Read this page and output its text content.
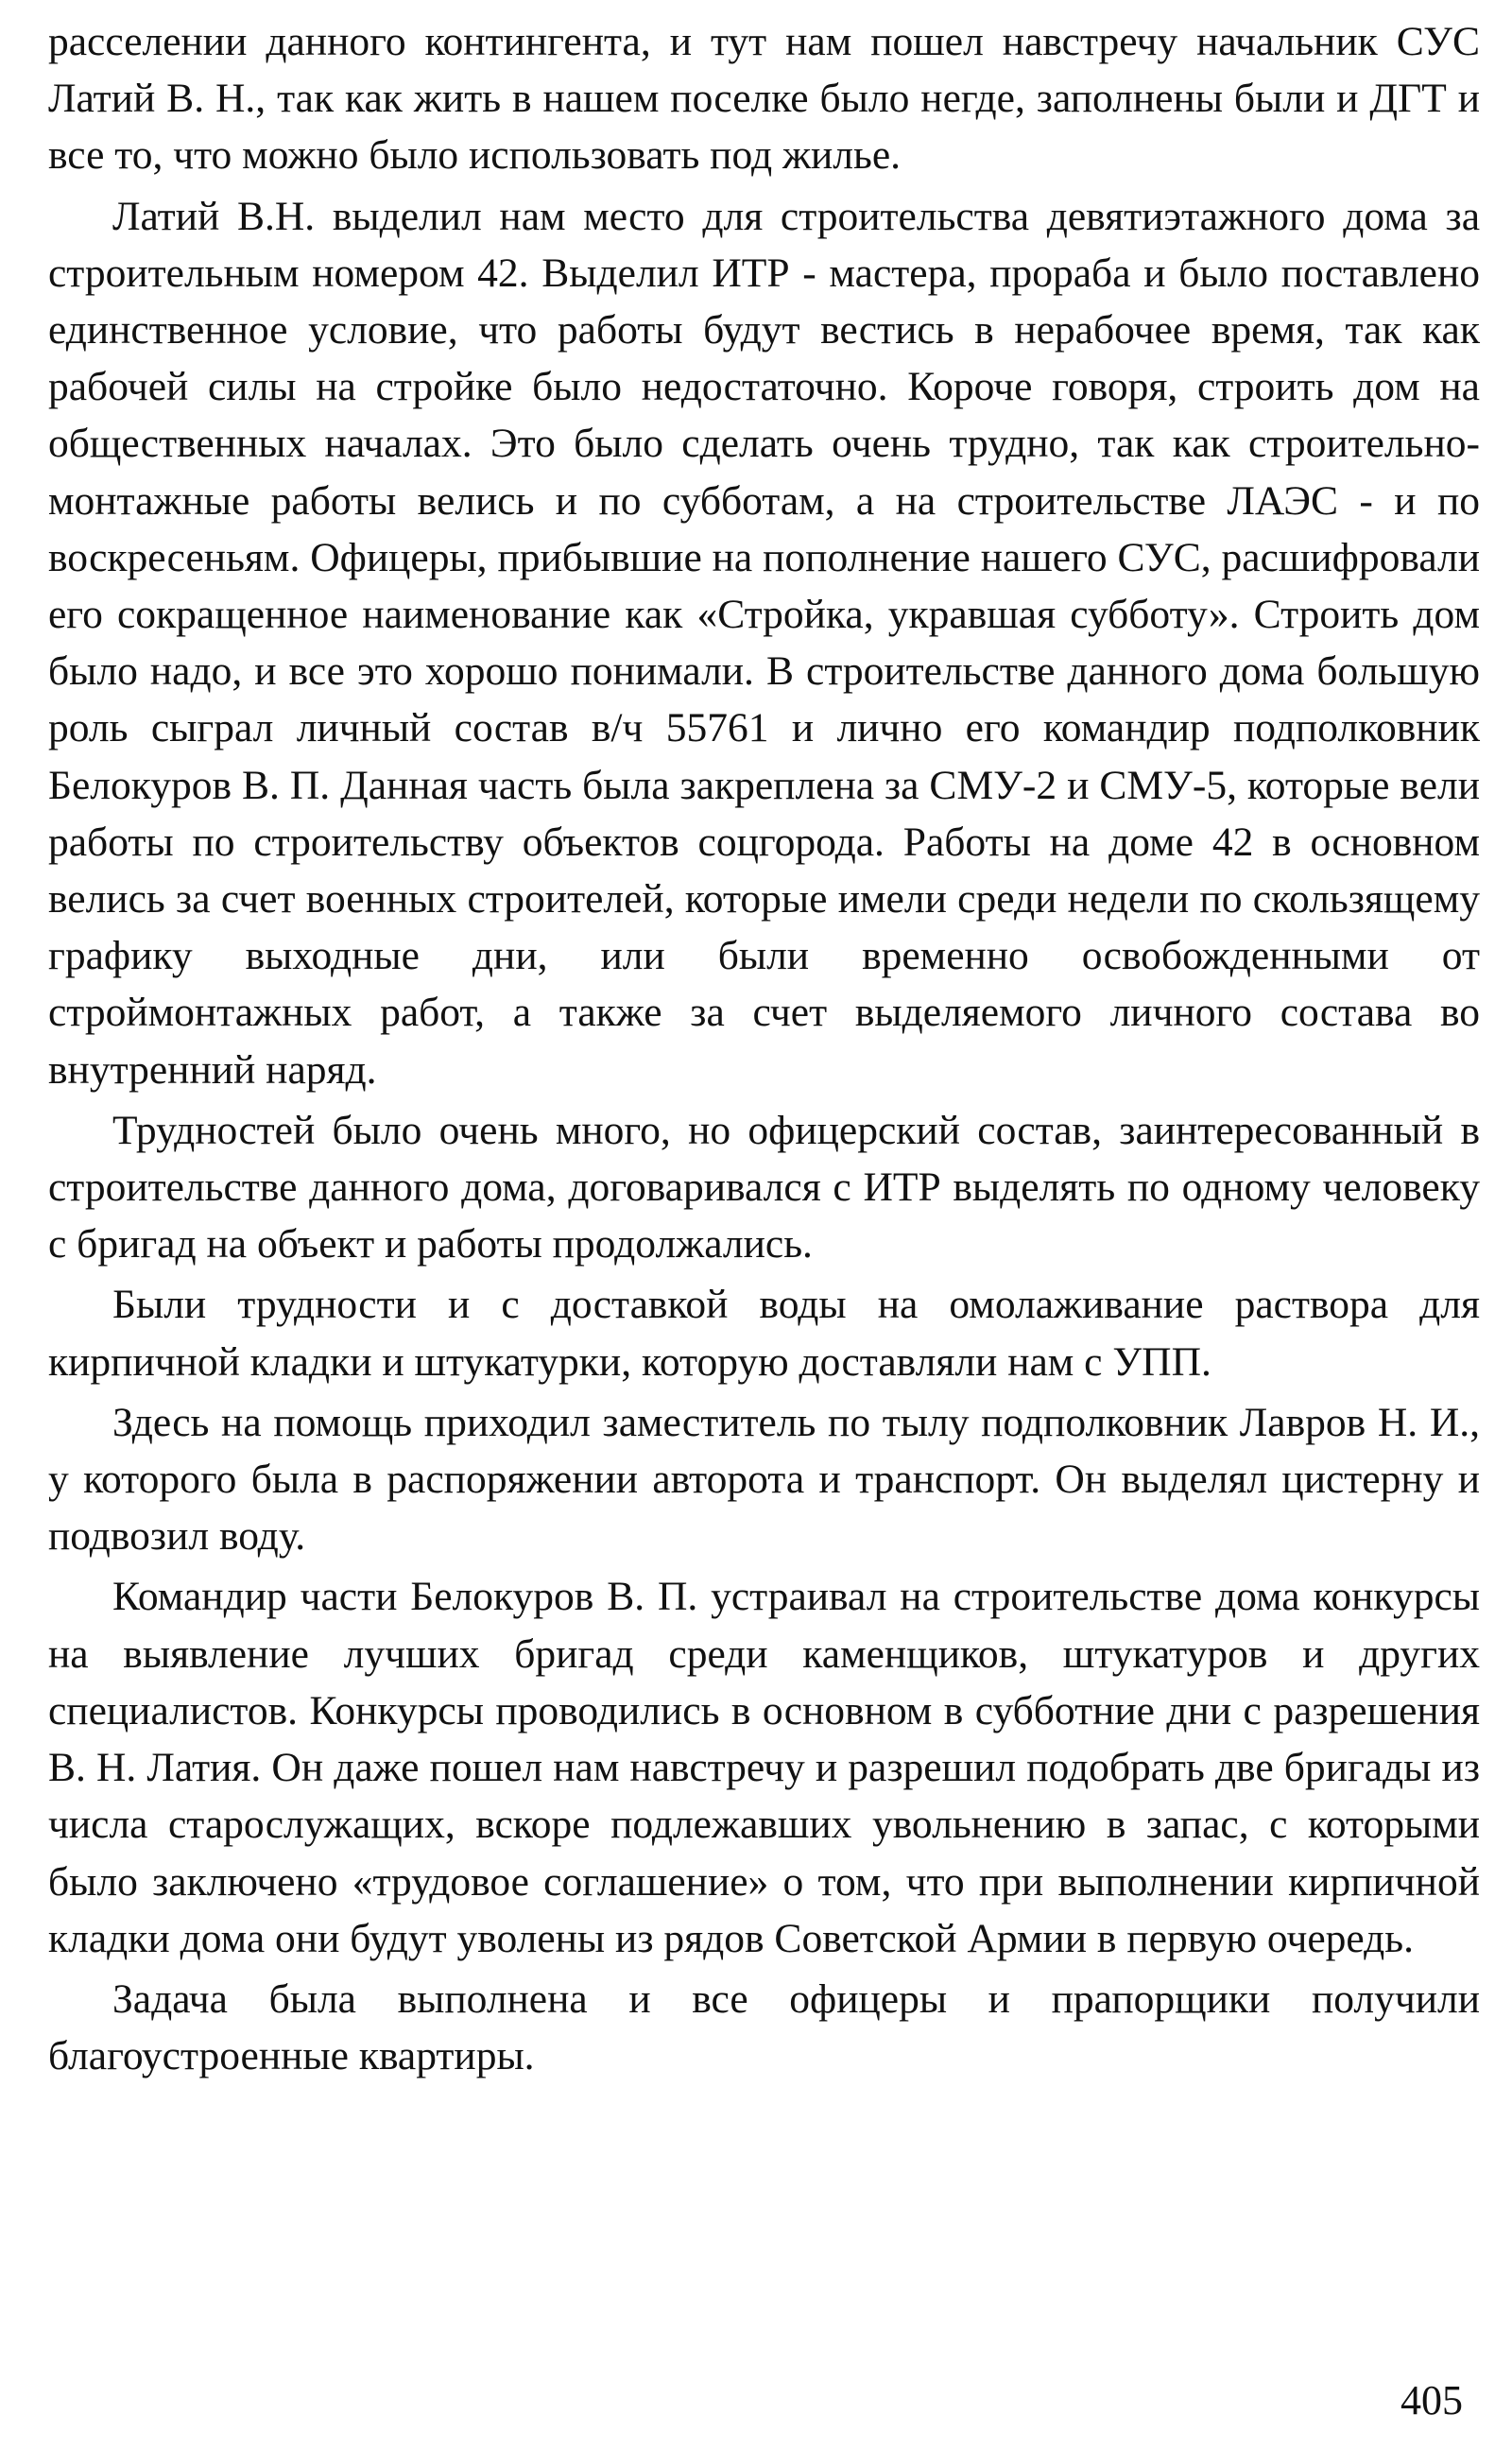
расселении данного контингента, и тут нам пошел навстречу начальник СУС Латий В. Н., так как жить в нашем поселке было негде, заполнены были и ДГТ и все то, что можно было использовать под жилье.

Латий В.Н. выделил нам место для строительства девятиэтажного дома за строительным номером 42. Выделил ИТР - мастера, прораба и было поставлено единственное условие, что работы будут вестись в нерабочее время, так как рабочей силы на стройке было недостаточно. Короче говоря, строить дом на общественных началах. Это было сделать очень трудно, так как строительно-монтажные работы велись и по субботам, а на строительстве ЛАЭС - и по воскресеньям. Офицеры, прибывшие на пополнение нашего СУС, расшифровали его сокращенное наименование как «Стройка, укравшая субботу». Строить дом было надо, и все это хорошо понимали. В строительстве данного дома большую роль сыграл личный состав в/ч 55761 и лично его командир подполковник Белокуров В. П. Данная часть была закреплена за СМУ-2 и СМУ-5, которые вели работы по строительству объектов соцгорода. Работы на доме 42 в основном велись за счет военных строителей, которые имели среди недели по скользящему графику выходные дни, или были временно освобожденными от строймонтажных работ, а также за счет выделяемого личного состава во внутренний наряд.

Трудностей было очень много, но офицерский состав, заинтересованный в строительстве данного дома, договаривался с ИТР выделять по одному человеку с бригад на объект и работы продолжались.

Были трудности и с доставкой воды на омолаживание раствора для кирпичной кладки и штукатурки, которую доставляли нам с УПП.

Здесь на помощь приходил заместитель по тылу подполковник Лавров Н. И., у которого была в распоряжении авторота и транспорт. Он выделял цистерну и подвозил воду.

Командир части Белокуров В. П. устраивал на строительстве дома конкурсы на выявление лучших бригад среди каменщиков, штукатуров и других специалистов. Конкурсы проводились в основном в субботние дни с разрешения В. Н. Латия. Он даже пошел нам навстречу и разрешил подобрать две бригады из числа старослужащих, вскоре подлежавших увольнению в запас, с которыми было заключено «трудовое соглашение» о том, что при выполнении кирпичной кладки дома они будут уволены из рядов Советской Армии в первую очередь.

Задача была выполнена и все офицеры и прапорщики получили благоустроенные квартиры.

405
